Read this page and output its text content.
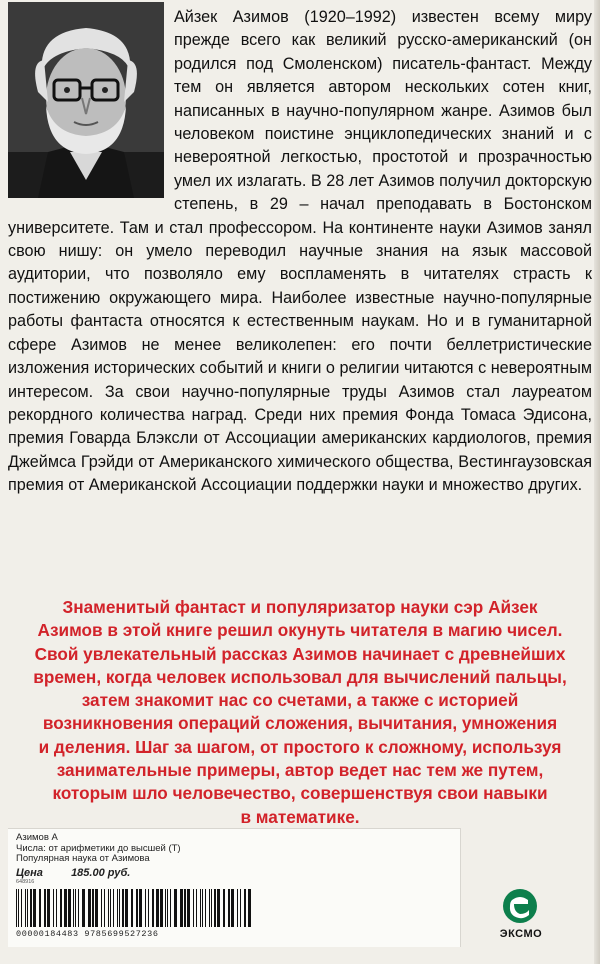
Айзек Азимов (1920–1992) известен всему миру прежде всего как великий русско-американский (он родился под Смоленском) писатель-фантаст. Между тем он является автором нескольких сотен книг, написанных в научно-популярном жанре. Азимов был человеком поистине энциклопедических знаний и с невероятной легкостью, простотой и прозрачностью умел их излагать. В 28 лет Азимов получил докторскую степень, в 29 – начал преподавать в Бостонском университете. Там и стал профессором. На континенте науки Азимов занял свою нишу: он умело переводил научные знания на язык массовой аудитории, что позволяло ему воспламенять в читателях страсть к постижению окружающего мира. Наиболее известные научно-популярные работы фантаста относятся к естественным наукам. Но и в гуманитарной сфере Азимов не менее великолепен: его почти беллетристические изложения исторических событий и книги о религии читаются с невероятным интересом. За свои научно-популярные труды Азимов стал лауреатом рекордного количества наград. Среди них премия Фонда Томаса Эдисона, премия Говарда Блэксли от Ассоциации американских кардиологов, премия Джеймса Грэйди от Американского химического общества, Вестингаузовская премия от Американской Ассоциации поддержки науки и множество других.

Знаменитый фантаст и популяризатор науки сэр Айзек
Азимов в этой книге решил окунуть читателя в магию чисел.
Свой увлекательный рассказ Азимов начинает с древнейших
времен, когда человек использовал для вычислений пальцы,
затем знакомит нас со счетами, а также с историей
возникновения операций сложения, вычитания, умножения
и деления. Шаг за шагом, от простого к сложному, используя
занимательные примеры, автор ведет нас тем же путем,
которым шло человечество, совершенствуя свои навыки
в математике.
Азимов А
Числа: от арифметики до высшей (Т)
Популярная наука от Азимова
Цена	185.00 руб.
648916
00000184483 9785699527236	ЭКСМО
